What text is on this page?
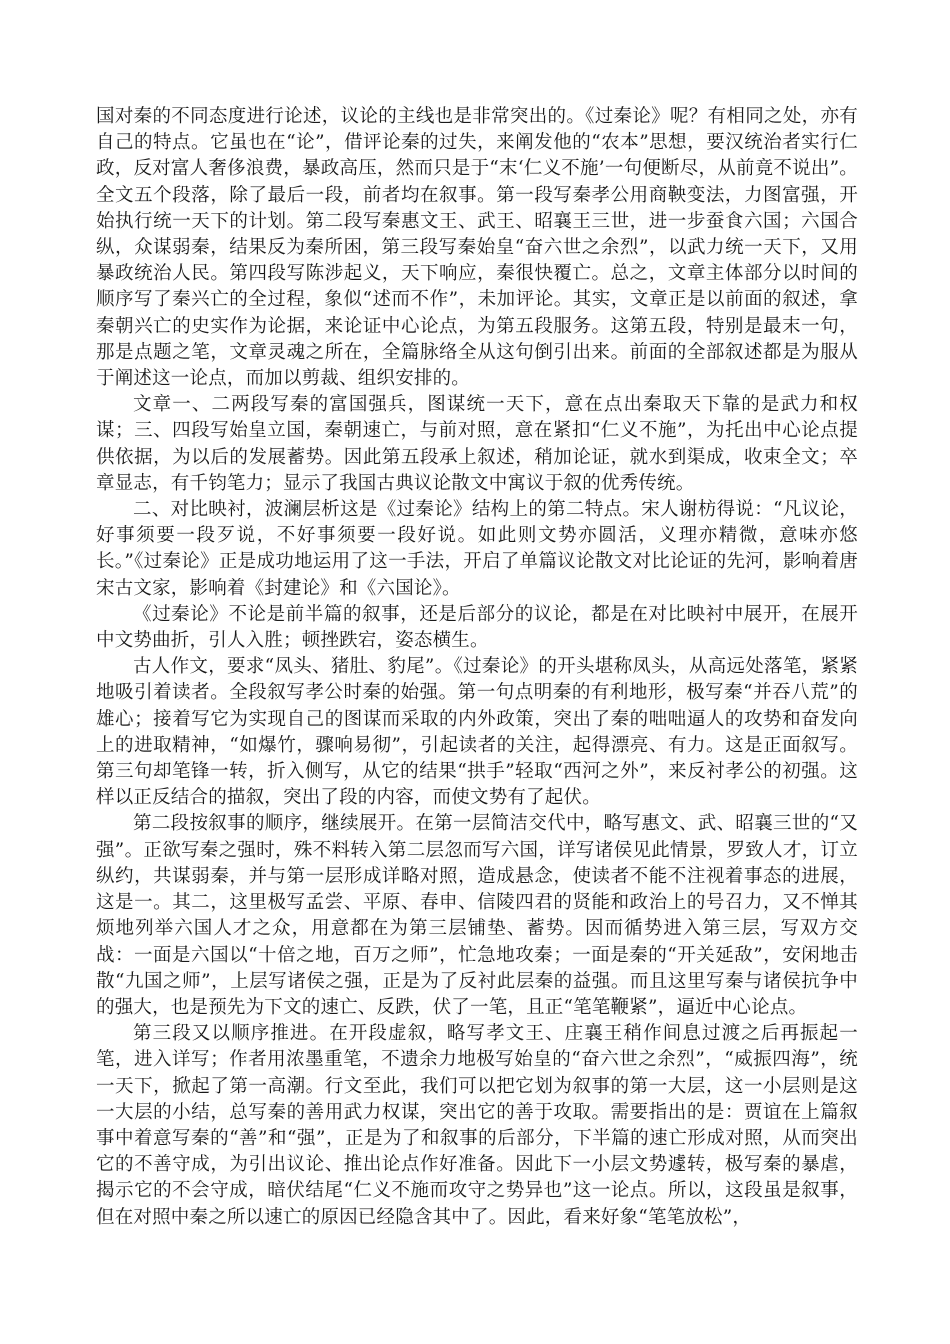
国对秦的不同态度进行论述，议论的主线也是非常突出的。《过秦论》呢？有相同之处，亦有自己的特点。它虽也在“论”，借评论秦的过失，来阐发他的“农本”思想，要汉统治者实行仁政，反对富人奢侈浪费，暴政高压，然而只是于“末‘仁义不施’一句便断尽，从前竟不说出”。全文五个段落，除了最后一段，前者均在叙事。第一段写秦孝公用商鞅变法，力图富强，开始执行统一天下的计划。第二段写秦惠文王、武王、昭襄王三世，进一步蚕食六国；六国合纵，众谋弱秦，结果反为秦所困，第三段写秦始皇“奋六世之余烈”，以武力统一天下，又用暴政统治人民。第四段写陈涉起义，天下响应，秦很快覆亡。总之，文章主体部分以时间的顺序写了秦兴亡的全过程，象似“述而不作”，未加评论。其实，文章正是以前面的叙述，拿秦朝兴亡的史实作为论据，来论证中心论点，为第五段服务。这第五段，特别是最末一句，那是点题之笔，文章灵魂之所在，全篇脉络全从这句倒引出来。前面的全部叙述都是为服从于阐述这一论点，而加以剪裁、组织安排的。

文章一、二两段写秦的富国强兵，图谋统一天下，意在点出秦取天下靠的是武力和权谋；三、四段写始皇立国，秦朝速亡，与前对照，意在紧扣“仁义不施”，为托出中心论点提供依据，为以后的发展蓄势。因此第五段承上叙述，稍加论证，就水到渠成，收束全文；卒章显志，有千钧笔力；显示了我国古典议论散文中寓议于叙的优秀传统。

二、对比映衬，波澜层析这是《过秦论》结构上的第二特点。宋人谢枋得说：“凡议论，好事须要一段歹说，不好事须要一段好说。如此则文势亦圆活，义理亦精微，意味亦悠长。”《过秦论》正是成功地运用了这一手法，开启了单篇议论散文对比论证的先河，影响着唐宋古文家，影响着《封建论》和《六国论》。

《过秦论》不论是前半篇的叙事，还是后部分的议论，都是在对比映衬中展开，在展开中文势曲折，引人入胜；顿挫跌宕，姿态横生。

古人作文，要求“凤头、猪肚、豹尾”。《过秦论》的开头堪称凤头，从高远处落笔，紧紧地吸引着读者。全段叙写孝公时秦的始强。第一句点明秦的有利地形，极写秦“并吞八荒”的雄心；接着写它为实现自己的图谋而采取的内外政策，突出了秦的咄咄逼人的攻势和奋发向上的进取精神，“如爆竹，骤响易彻”，引起读者的关注，起得漂亮、有力。这是正面叙写。第三句却笔锋一转，折入侧写，从它的结果“拱手”轻取“西河之外”，来反衬孝公的初强。这样以正反结合的描叙，突出了段的内容，而使文势有了起伏。

第二段按叙事的顺序，继续展开。在第一层简洁交代中，略写惠文、武、昭襄三世的“又强”。正欲写秦之强时，殊不料转入第二层忽而写六国，详写诸侯见此情景，罗致人才，订立纵约，共谋弱秦，并与第一层形成详略对照，造成悬念，使读者不能不注视着事态的进展，这是一。其二，这里极写孟尝、平原、春申、信陵四君的贤能和政治上的号召力，又不惮其烦地列举六国人才之众，用意都在为第三层铺垫、蓄势。因而循势进入第三层，写双方交战：一面是六国以“十倍之地，百万之师”，忙急地攻秦；一面是秦的“开关延敌”，安闲地击散“九国之师”，上层写诸侯之强，正是为了反衬此层秦的益强。而且这里写秦与诸侯抗争中的强大，也是预先为下文的速亡、反跌，伏了一笔，且正“笔笔鞭紧”，逼近中心论点。

第三段又以顺序推进。在开段虚叙，略写孝文王、庄襄王稍作间息过渡之后再振起一笔，进入详写；作者用浓墨重笔，不遗余力地极写始皇的“奋六世之余烈”，“威振四海”，统一天下，掀起了第一高潮。行文至此，我们可以把它划为叙事的第一大层，这一小层则是这一大层的小结，总写秦的善用武力权谋，突出它的善于攻取。需要指出的是：贾谊在上篇叙事中着意写秦的“善”和“强”，正是为了和叙事的后部分，下半篇的速亡形成对照，从而突出它的不善守成，为引出议论、推出论点作好准备。因此下一小层文势遽转，极写秦的暴虐，揭示它的不会守成，暗伏结尾“仁义不施而攻守之势异也”这一论点。所以，这段虽是叙事，但在对照中秦之所以速亡的原因已经隐含其中了。因此，看来好象“笔笔放松”，
